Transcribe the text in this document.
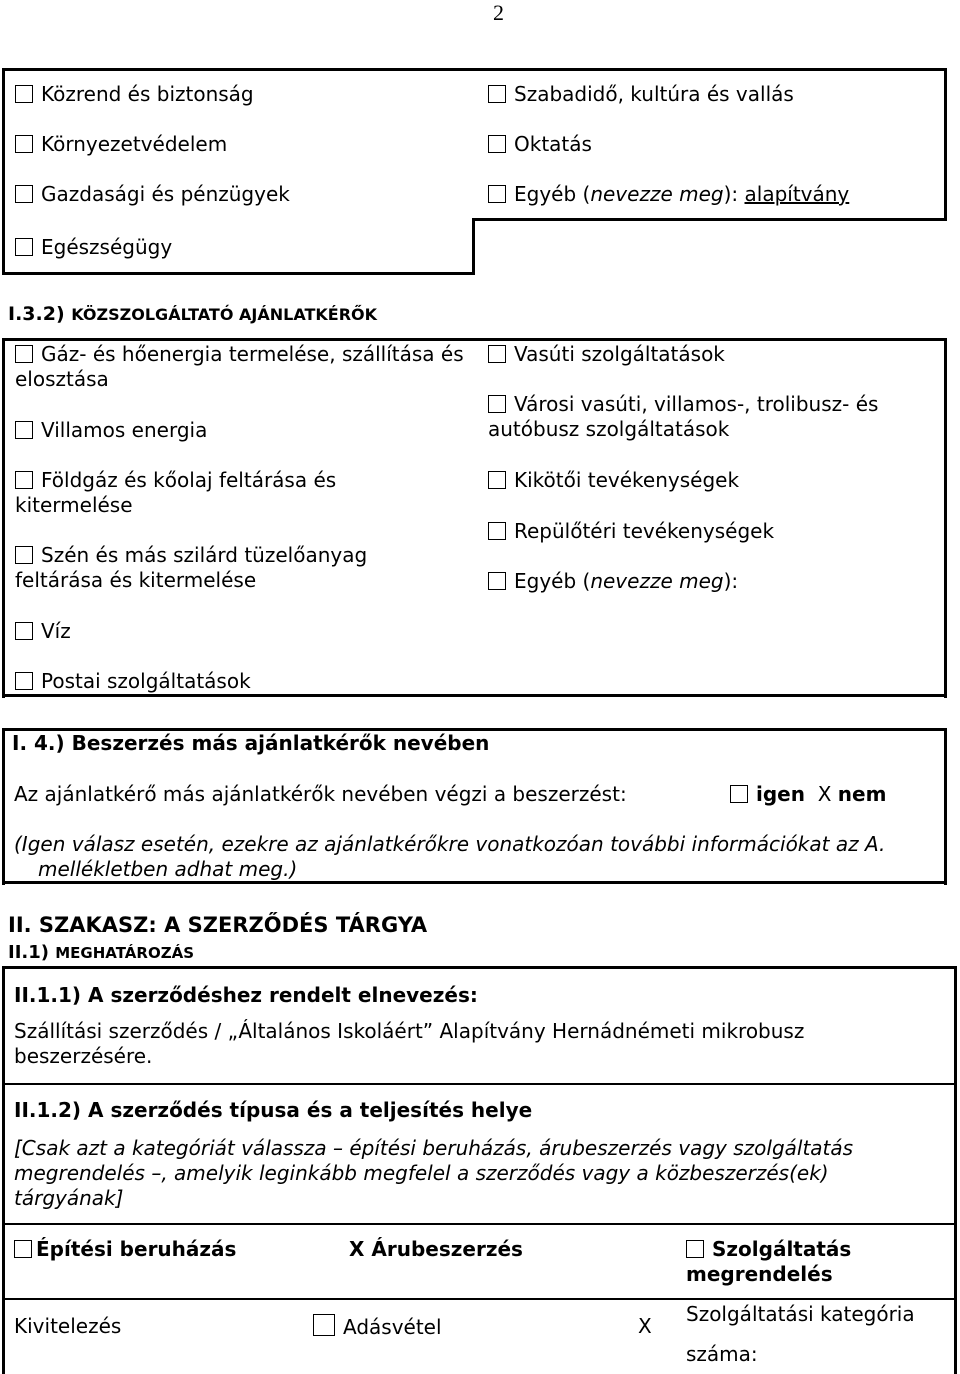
2
Közrend és biztonság
Környezetvédelem
Gazdasági és pénzügyek
Egészségügy
Szabadidő, kultúra és vallás
Oktatás
Egyéb (nevezze meg): alapítvány
I.3.2) KÖZSZOLGÁLTATÓ AJÁNLATKÉRŐK
Gáz- és hőenergia termelése, szállítása és elosztása
Villamos energia
Földgáz és kőolaj feltárása és kitermelése
Szén és más szilárd tüzelőanyag feltárása és kitermelése
Víz
Postai szolgáltatások
Vasúti szolgáltatások
Városi vasúti, villamos-, trolibusz- és autóbusz szolgáltatások
Kikötői tevékenységek
Repülőtéri tevékenységek
Egyéb (nevezze meg):
I. 4.) Beszerzés más ajánlatkérők nevében
Az ajánlatkérő más ajánlatkérők nevében végzi a beszerzést:	igen X nem
(Igen válasz esetén, ezekre az ajánlatkérőkre vonatkozóan további információkat az A. mellékletben adhat meg.)
II. SZAKASZ: A SZERZŐDÉS TÁRGYA
II.1) MEGHATÁROZÁS
II.1.1) A szerződéshez rendelt elnevezés:
Szállítási szerződés / „Általános Iskoláért” Alapítvány Hernádnémeti mikrobusz beszerzésére.
II.1.2) A szerződés típusa és a teljesítés helye
[Csak azt a kategóriát válassza – építési beruházás, árubeszerzés vagy szolgáltatás megrendelés –, amelyik leginkább megfelel a szerződés vagy a közbeszerzés(ek) tárgyának]
Építési beruházás	X Árubeszerzés	Szolgáltatás megrendelés
Kivitelezés	Adásvétel	X Szolgáltatási kategória
száma:
